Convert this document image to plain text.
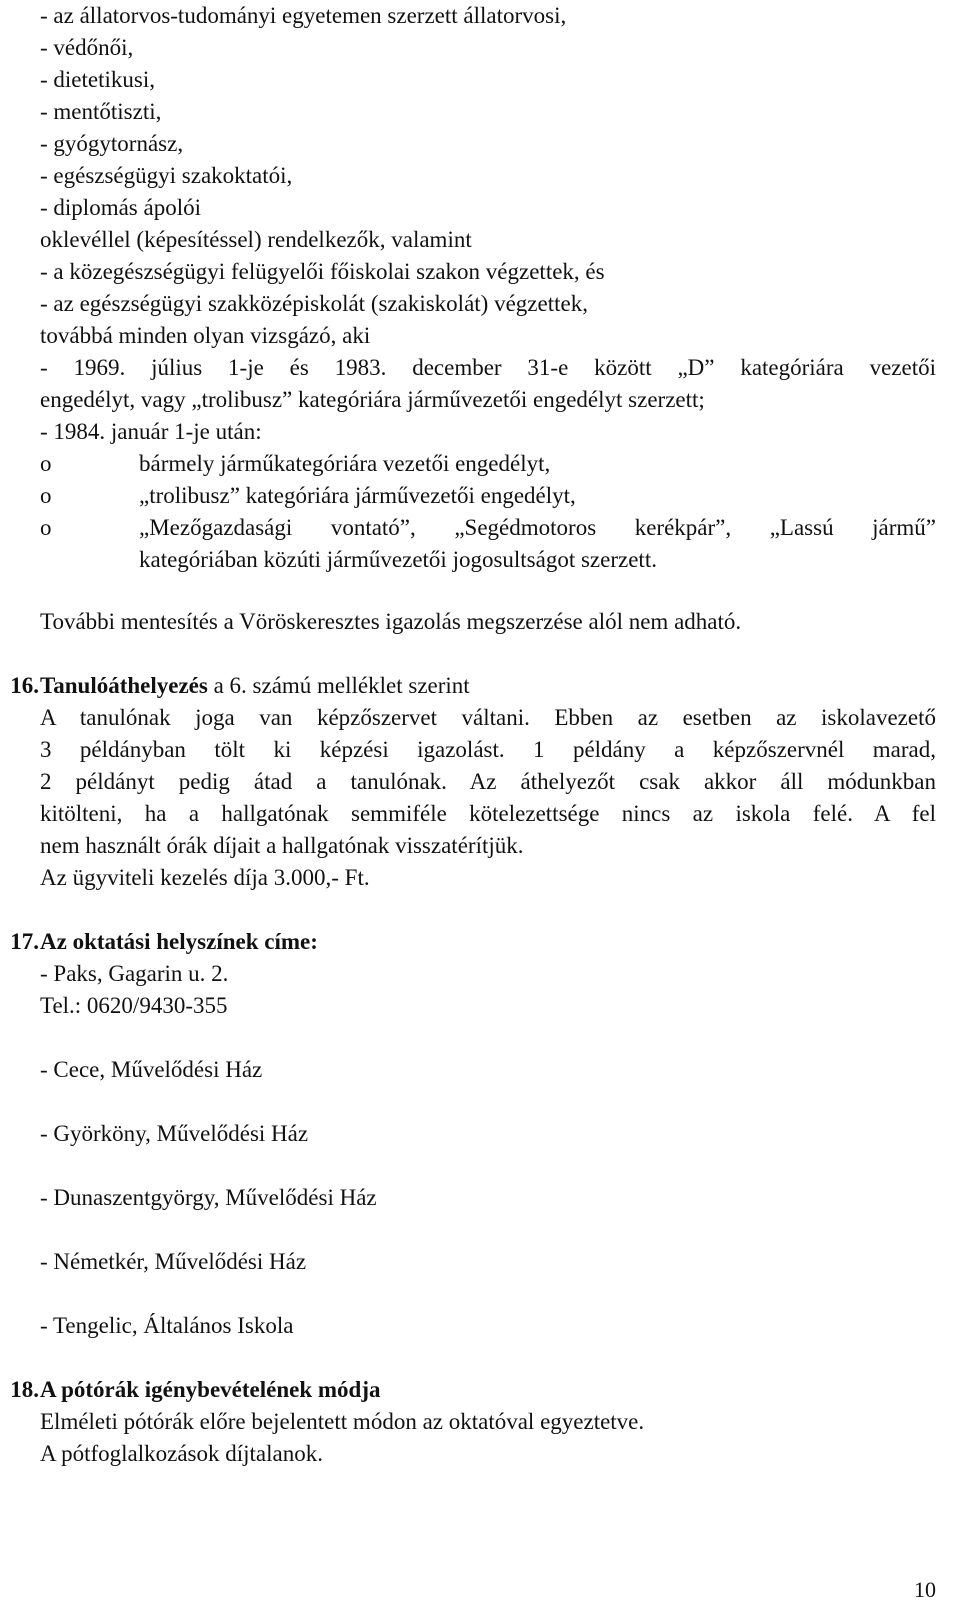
- az állatorvos-tudományi egyetemen szerzett állatorvosi,
- védőnői,
- dietetikusi,
- mentőtiszti,
- gyógytornász,
- egészségügyi szakoktatói,
- diplomás ápolói
oklevéllel (képesítéssel) rendelkezők, valamint
- a közegészségügyi felügyelői főiskolai szakon végzettek, és
- az egészségügyi szakközépiskolát (szakiskolát) végzettek,
továbbá minden olyan vizsgázó, aki
- 1969. július 1-je és 1983. december 31-e között „D” kategóriára vezetői
engedélyt, vagy „trolibusz” kategóriára járművezetői engedélyt szerzett;
- 1984. január 1-je után:
o	bármely járműkategóriára vezetői engedélyt,
o	„trolibusz” kategóriára járművezetői engedélyt,
o	„Mezőgazdasági vontató”, „Segédmotoros kerékpár”, „Lassú jármű”
kategóriában közúti járművezetői jogosultságot szerzett.
További mentesítés a Vöröskeresztes igazolás megszerzése alól nem adható.
16. Tanulóáthelyezés a 6. számú melléklet szerint
A tanulónak joga van képzőszervet váltani. Ebben az esetben az iskolavezető
3 példányban tölt ki képzési igazolást. 1 példány a képzőszervnél marad,
2 példányt pedig átad a tanulónak. Az áthelyezőt csak akkor áll módunkban
kitölteni, ha a hallgatónak semmiféle kötelezettsége nincs az iskola felé. A fel
nem használt órák díjait a hallgatónak visszatérítjük.
Az ügyviteli kezelés díja 3.000,- Ft.
17. Az oktatási helyszínek címe:
- Paks, Gagarin u. 2.
Tel.: 0620/9430-355
- Cece, Művelődési Ház
- Györköny, Művelődési Ház
- Dunaszentgyörgy, Művelődési Ház
- Németkér, Művelődési Ház
- Tengelic, Általános Iskola
18. A pótórák igénybevételének módja
Elméleti pótórák előre bejelentett módon az oktatóval egyeztetve.
A pótfoglalkozások díjtalanok.
10
